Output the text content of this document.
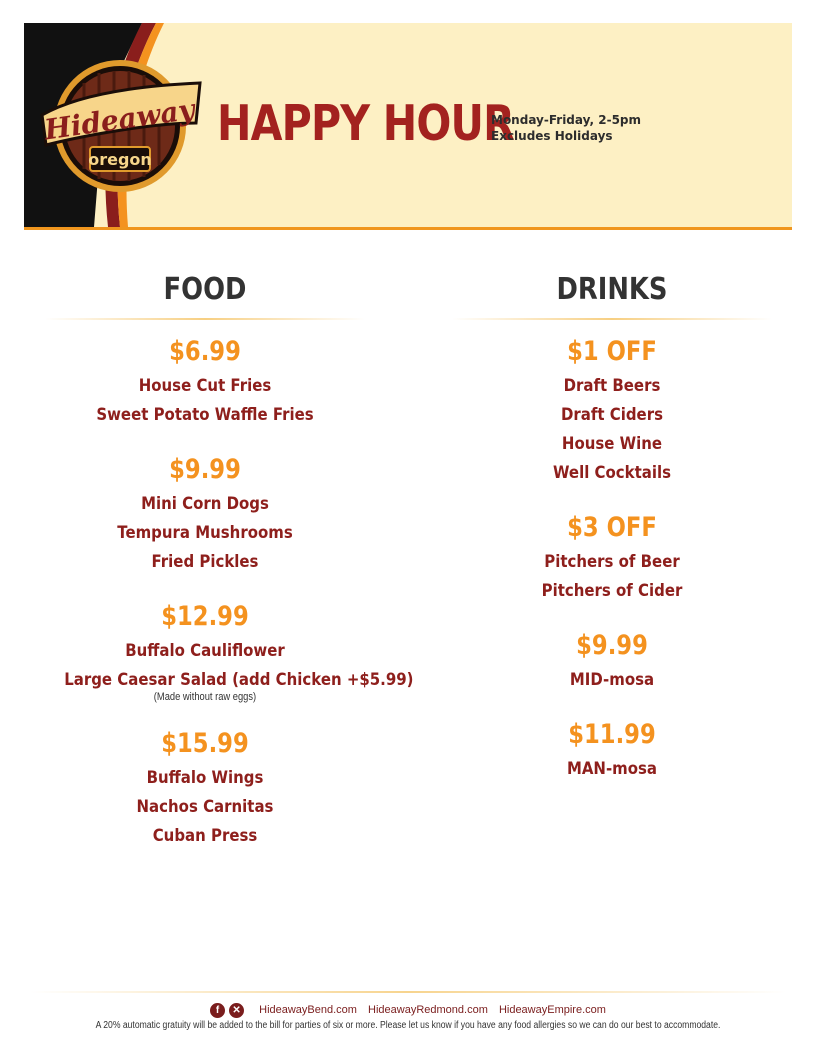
Hideaway
oregon
HAPPY HOUR
Monday-Friday, 2-5pm
Excludes Holidays
FOOD
$6.99
House Cut Fries
Sweet Potato Waffle Fries
$9.99
Mini Corn Dogs
Tempura Mushrooms
Fried Pickles
$12.99
Buffalo Cauliflower
Large Caesar Salad (add Chicken +$5.99)
(Made without raw eggs)
$15.99
Buffalo Wings
Nachos Carnitas
Cuban Press
DRINKS
$1 OFF
Draft Beers
Draft Ciders
House Wine
Well Cocktails
$3 OFF
Pitchers of Beer
Pitchers of Cider
$9.99
MID-mosa
$11.99
MAN-mosa
f ✕ HideawayBend.com HideawayRedmond.com HideawayEmpire.com
A 20% automatic gratuity will be added to the bill for parties of six or more. Please let us know if you have any food allergies so we can do our best to accommodate.
